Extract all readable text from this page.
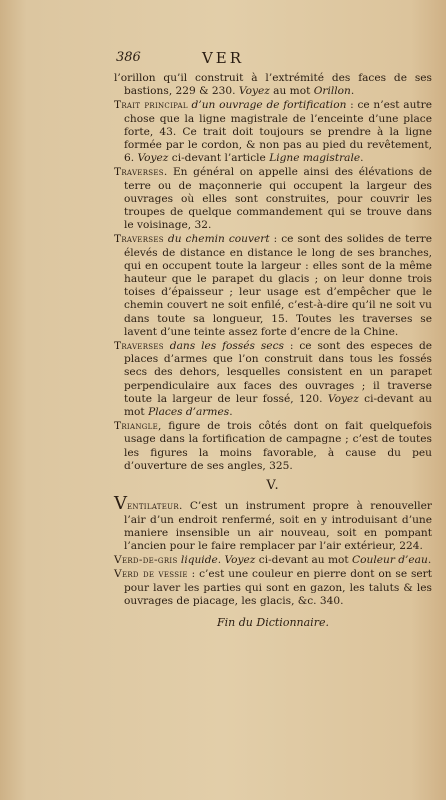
386	VER
l’orillon qu’il construit à l’extrémité des faces de ses bastions, 229 & 230. Voyez au mot Orillon.
Trait principal d’un ouvrage de fortification : ce n’est autre chose que la ligne magistrale de l’enceinte d’une place forte, 43. Ce trait doit toujours se prendre à la ligne formée par le cordon, & non pas au pied du revêtement, 6. Voyez ci-devant l’article Ligne magistrale.
Traverses. En général on appelle ainsi des élévations de terre ou de maçonnerie qui occupent la largeur des ouvrages où elles sont construites, pour couvrir les troupes de quelque commandement qui se trouve dans le voisinage, 32.
Traverses du chemin couvert : ce sont des solides de terre élevés de distance en distance le long de ses branches, qui en occupent toute la largeur : elles sont de la même hauteur que le parapet du glacis ; on leur donne trois toises d’épaisseur ; leur usage est d’empêcher que le chemin couvert ne soit enfilé, c’est-à-dire qu’il ne soit vu dans toute sa longueur, 15. Toutes les traverses se lavent d’une teinte assez forte d’encre de la Chine.
Traverses dans les fossés secs : ce sont des especes de places d’armes que l’on construit dans tous les fossés secs des dehors, lesquelles consistent en un parapet perpendiculaire aux faces des ouvrages ; il traverse toute la largeur de leur fossé, 120. Voyez ci-devant au mot Places d’armes.
Triangle, figure de trois côtés dont on fait quelquefois usage dans la fortification de campagne ; c’est de toutes les figures la moins favorable, à cause du peu d’ouverture de ses angles, 325.
V.
Ventilateur. C’est un instrument propre à renouveller l’air d’un endroit renfermé, soit en y introduisant d’une maniere insensible un air nouveau, soit en pompant l’ancien pour le faire remplacer par l’air extérieur, 224.
Verd-de-gris liquide. Voyez ci-devant au mot Couleur d’eau.
Verd de vessie : c’est une couleur en pierre dont on se sert pour laver les parties qui sont en gazon, les taluts & les ouvrages de piacage, les glacis, &c. 340.
Fin du Dictionnaire.
